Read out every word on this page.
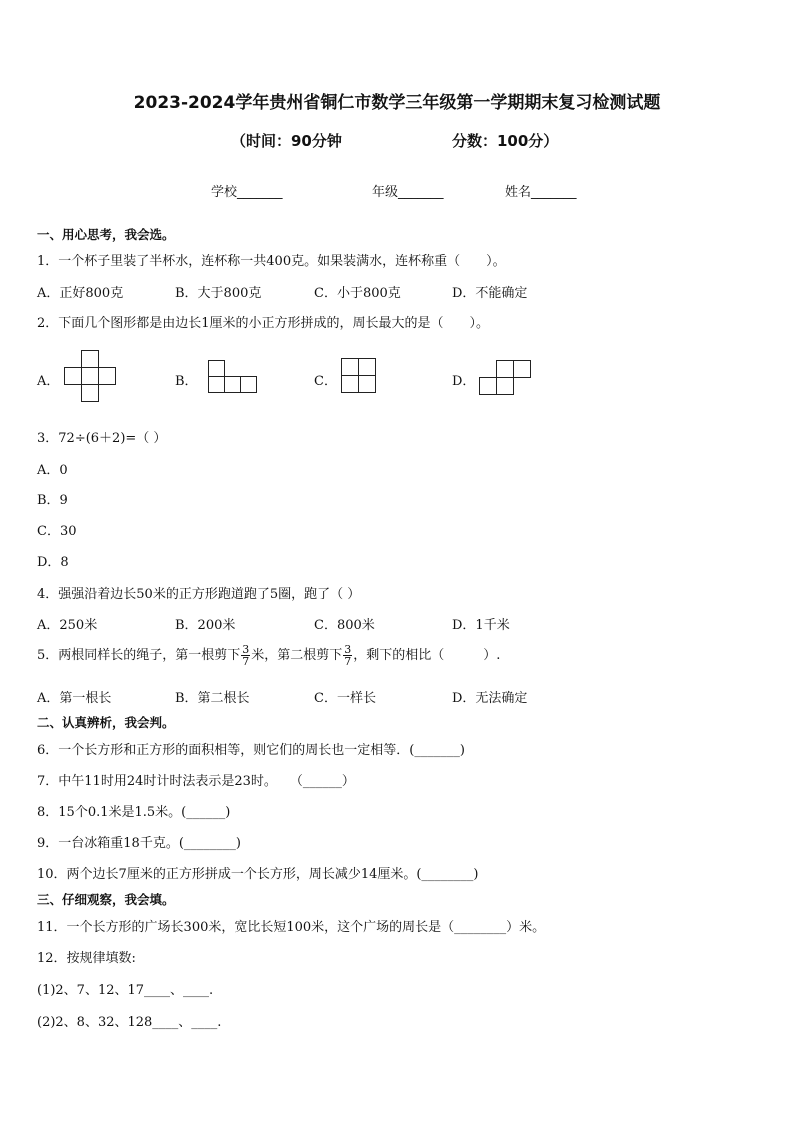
2023-2024学年贵州省铜仁市数学三年级第一学期期末复习检测试题
（时间：90分钟	分数：100分）
学校_______	年级_______	姓名_______
一、用心思考，我会选。
1．一个杯子里装了半杯水，连杯称一共400克。如果装满水，连杯称重（　　）。
A．正好800克	B．大于800克	C．小于800克	D．不能确定
2．下面几个图形都是由边长1厘米的小正方形拼成的，周长最大的是（　　）。
A．	B．	C．	D．
3．72÷(6＋2)=（ ）
A．0
B．9
C．30
D．8
4．强强沿着边长50米的正方形跑道跑了5圈，跑了（ ）
A．250米	B．200米	C．800米	D．1千米
5．两根同样长的绳子，第一根剪下 $\frac{3}{7}$ 米，第二根剪下 $\frac{3}{7}$ ，剩下的相比（　　　）.
A．第一根长	B．第二根长	C．一样长	D．无法确定
二、认真辨析，我会判。
6．一个长方形和正方形的面积相等，则它们的周长也一定相等．(_______)
7．中午11时用24时计时法表示是23时。　　（______）
8．15个0.1米是1.5米。(______)
9．一台冰箱重18千克。(________)
10．两个边长7厘米的正方形拼成一个长方形，周长减少14厘米。(________)
三、仔细观察，我会填。
11．一个长方形的广场长300米，宽比长短100米，这个广场的周长是（________）米。
12．按规律填数:
(1)2、7、12、17____、____.
(2)2、8、32、128____、____.
